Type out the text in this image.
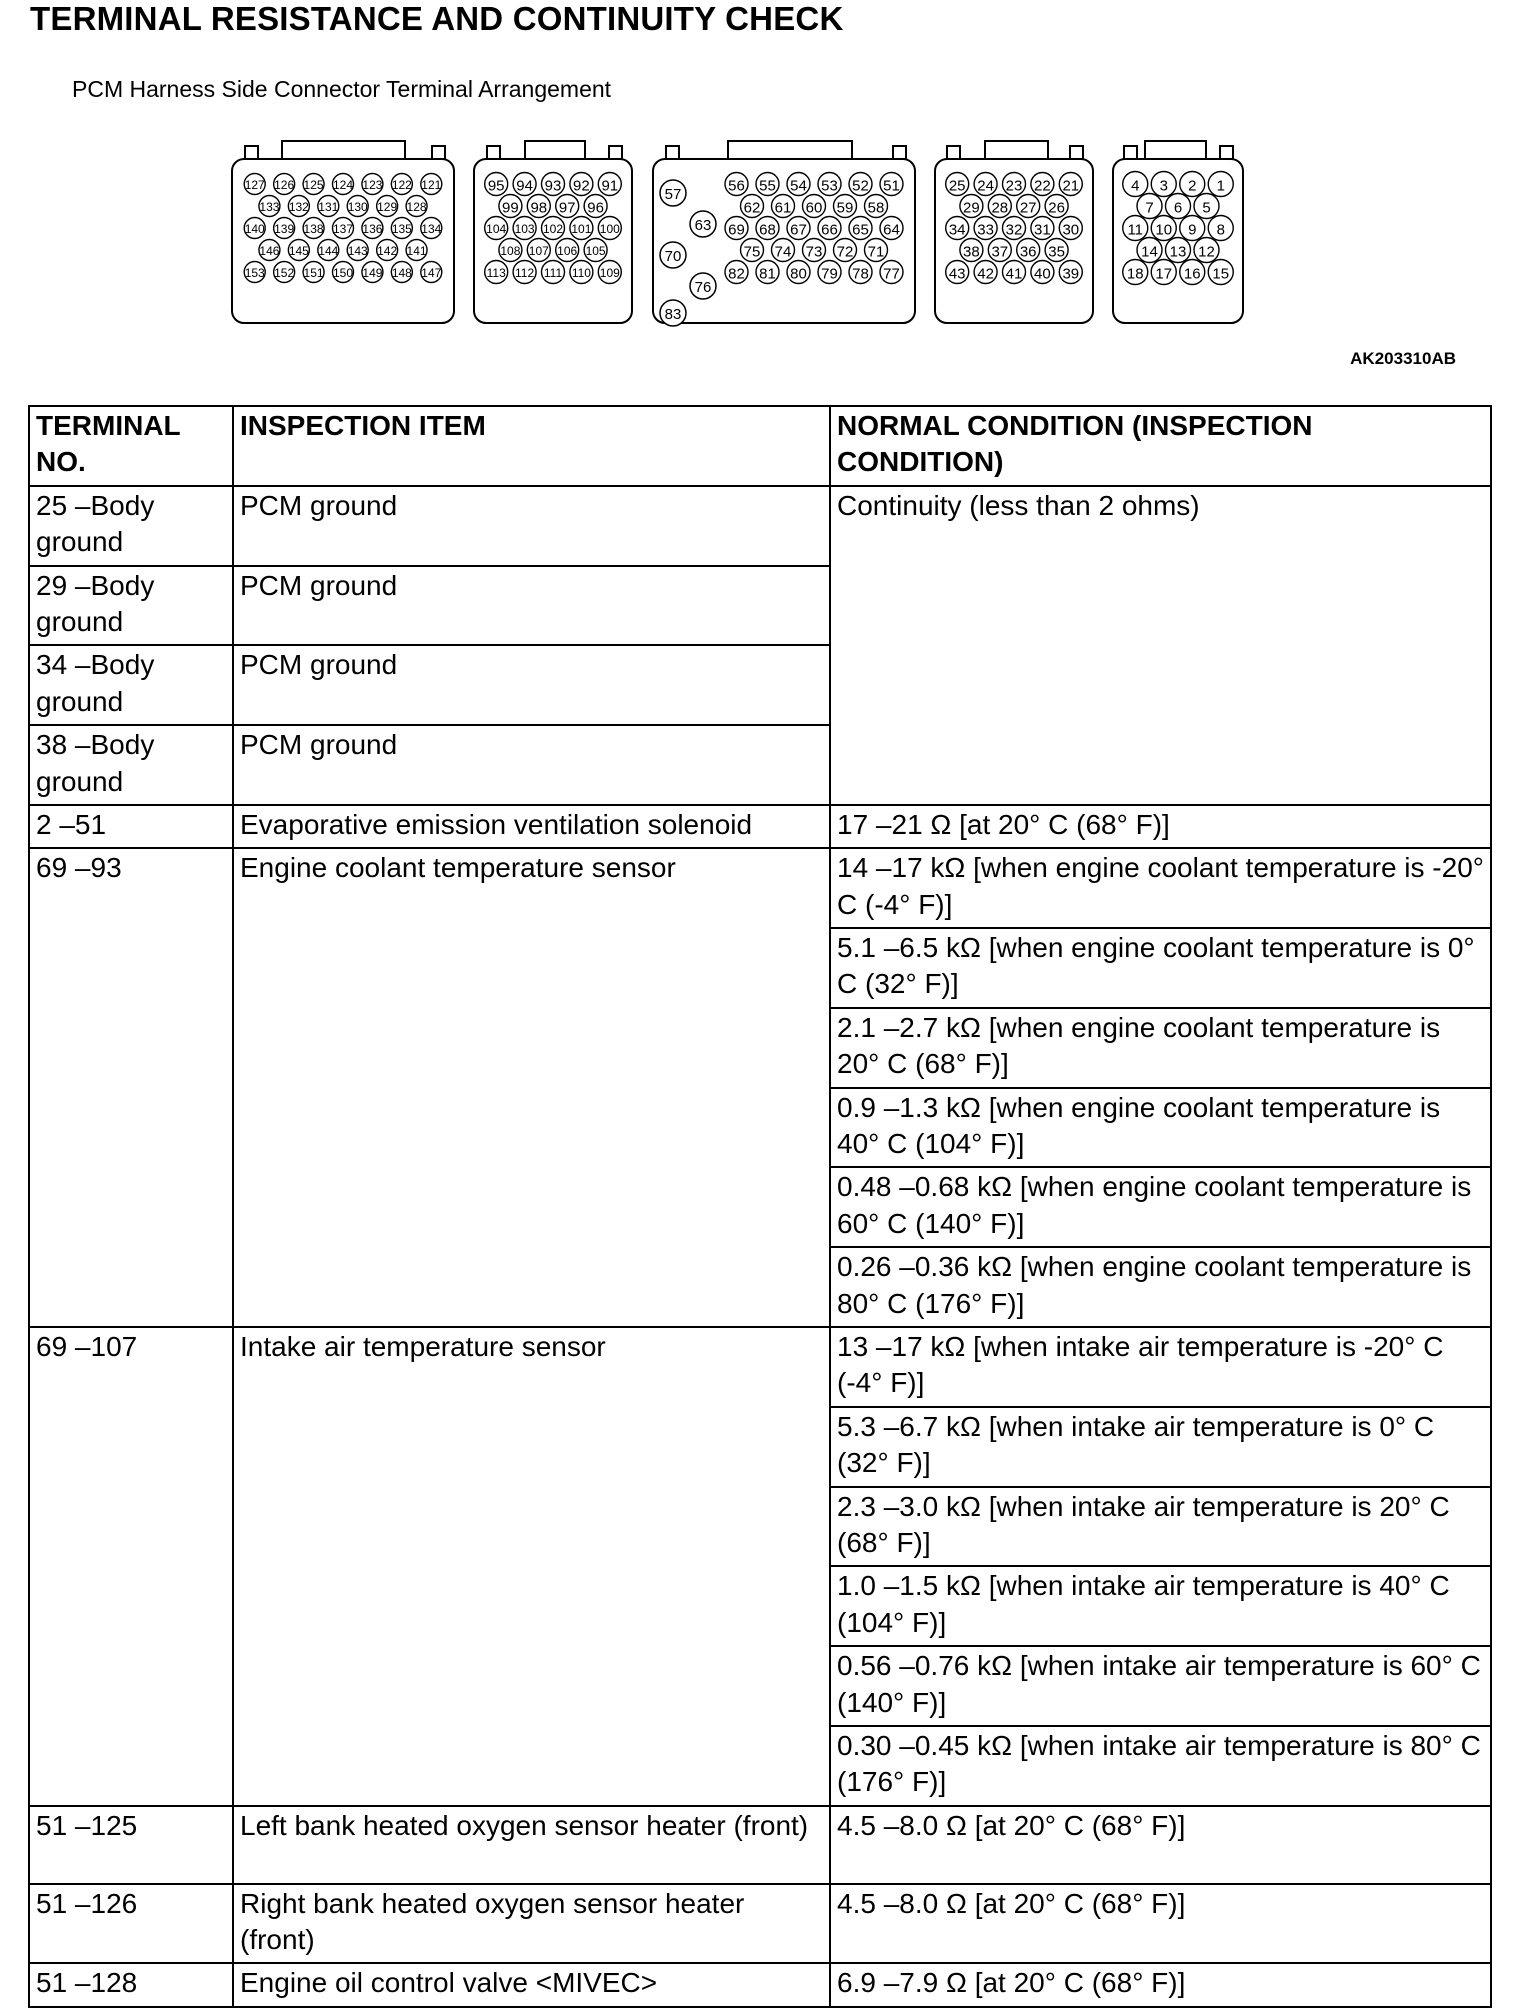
TERMINAL RESISTANCE AND CONTINUITY CHECK
PCM Harness Side Connector Terminal Arrangement
127 126 125 124 123 122 121
133 132 131 130 129 128
140 139 138 137 136 135 134
146 145 144 143 142 141
153 152 151 150 149 148 147
95 94 93 92 91
99 98 97 96
104 103 102 101 100
108 107 106 105
113 112 111 110 109
57
63
70
76
83
56 55 54 53 52 51
62 61 60 59 58
69 68 67 66 65 64
75 74 73 72 71
82 81 80 79 78 77
25 24 23 22 21
29 28 27 26
34 33 32 31 30
38 37 36 35
43 42 41 40 39
4 3 2 1
7 6 5
11 10 9 8
14 13 12
18 17 16 15
AK203310AB
TERMINAL NO.	INSPECTION ITEM	NORMAL CONDITION (INSPECTION CONDITION)
25 –Body ground	PCM ground	Continuity (less than 2 ohms)
29 –Body ground	PCM ground	
34 –Body ground	PCM ground	
38 –Body ground	PCM ground	
2 –51	Evaporative emission ventilation solenoid	17 –21 Ω [at 20° C (68° F)]
69 –93	Engine coolant temperature sensor	14 –17 kΩ [when engine coolant temperature is -20° C (-4° F)]
		5.1 –6.5 kΩ [when engine coolant temperature is 0° C (32° F)]
		2.1 –2.7 kΩ [when engine coolant temperature is 20° C (68° F)]
		0.9 –1.3 kΩ [when engine coolant temperature is 40° C (104° F)]
		0.48 –0.68 kΩ [when engine coolant temperature is 60° C (140° F)]
		0.26 –0.36 kΩ [when engine coolant temperature is 80° C (176° F)]
69 –107	Intake air temperature sensor	13 –17 kΩ [when intake air temperature is -20° C (-4° F)]
		5.3 –6.7 kΩ [when intake air temperature is 0° C (32° F)]
		2.3 –3.0 kΩ [when intake air temperature is 20° C (68° F)]
		1.0 –1.5 kΩ [when intake air temperature is 40° C (104° F)]
		0.56 –0.76 kΩ [when intake air temperature is 60° C (140° F)]
		0.30 –0.45 kΩ [when intake air temperature is 80° C (176° F)]
51 –125	Left bank heated oxygen sensor heater (front)	4.5 –8.0 Ω [at 20° C (68° F)]
51 –126	Right bank heated oxygen sensor heater (front)	4.5 –8.0 Ω [at 20° C (68° F)]
51 –128	Engine oil control valve <MIVEC>	6.9 –7.9 Ω [at 20° C (68° F)]
